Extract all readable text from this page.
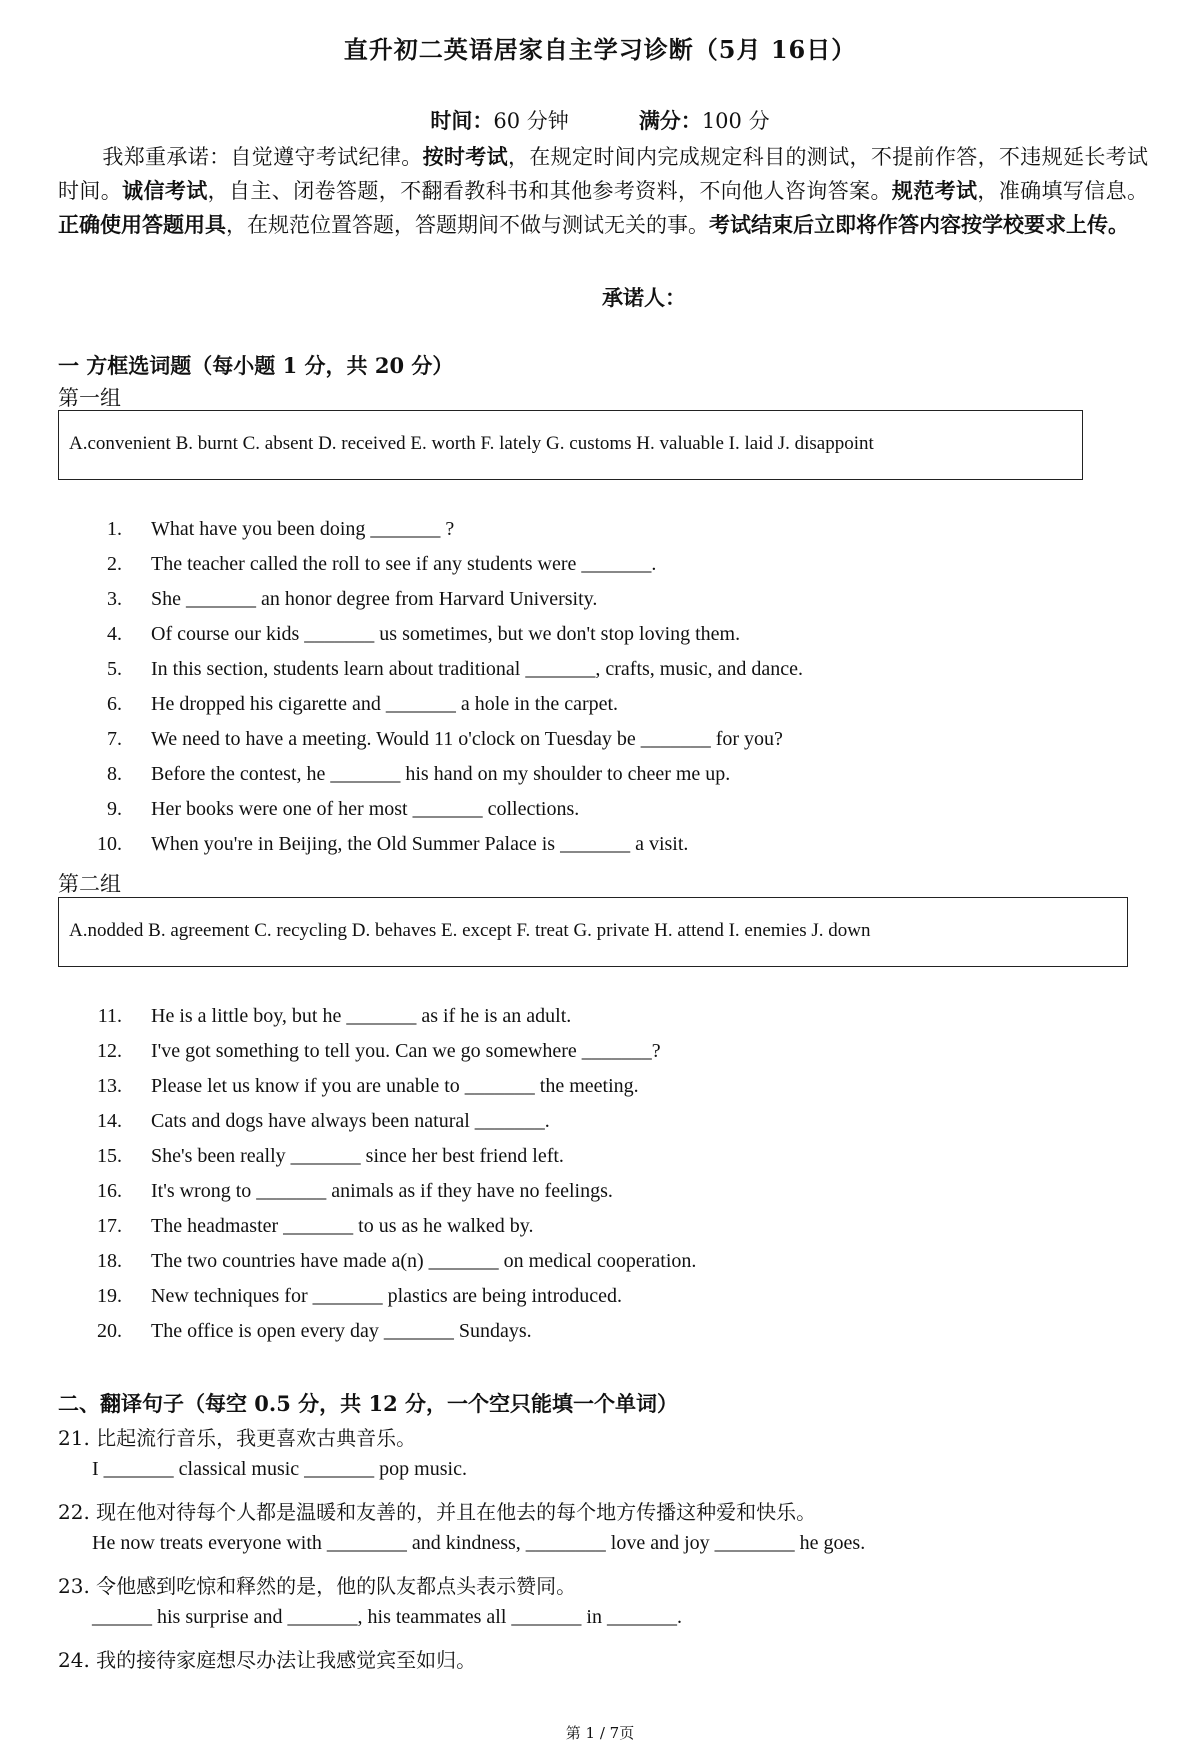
直升初二英语居家自主学习诊断（5月 16日）
时间：60 分钟	满分：100 分
我郑重承诺：自觉遵守考试纪律。按时考试，在规定时间内完成规定科目的测试，不提前作答，不违规延长考试时间。诚信考试，自主、闭卷答题，不翻看教科书和其他参考资料，不向他人咨询答案。规范考试，准确填写信息。正确使用答题用具，在规范位置答题，答题期间不做与测试无关的事。考试结束后立即将作答内容按学校要求上传。
承诺人：
一 方框选词题（每小题 1 分，共 20 分）
第一组
A.convenient B. burnt C. absent D. received E. worth F. lately G. customs H. valuable I. laid J. disappoint
1. What have you been doing _______ ?
2. The teacher called the roll to see if any students were _______.
3. She _______ an honor degree from Harvard University.
4. Of course our kids _______ us sometimes, but we don't stop loving them.
5. In this section, students learn about traditional _______, crafts, music, and dance.
6. He dropped his cigarette and _______ a hole in the carpet.
7. We need to have a meeting. Would 11 o'clock on Tuesday be _______ for you?
8. Before the contest, he _______ his hand on my shoulder to cheer me up.
9. Her books were one of her most _______ collections.
10. When you're in Beijing, the Old Summer Palace is _______ a visit.
第二组
A.nodded B. agreement C. recycling D. behaves E. except F. treat G. private H. attend I. enemies J. down
11. He is a little boy, but he _______ as if he is an adult.
12. I've got something to tell you. Can we go somewhere _______?
13. Please let us know if you are unable to _______ the meeting.
14. Cats and dogs have always been natural _______.
15. She's been really _______ since her best friend left.
16. It's wrong to _______ animals as if they have no feelings.
17. The headmaster _______ to us as he walked by.
18. The two countries have made a(n) _______ on medical cooperation.
19. New techniques for _______ plastics are being introduced.
20. The office is open every day _______ Sundays.
二、翻译句子（每空 0.5 分，共 12 分，一个空只能填一个单词）
21. 比起流行音乐，我更喜欢古典音乐。
I _______ classical music _______ pop music.
22. 现在他对待每个人都是温暖和友善的，并且在他去的每个地方传播这种爱和快乐。
He now treats everyone with ________ and kindness, ________ love and joy ________ he goes.
23. 令他感到吃惊和释然的是，他的队友都点头表示赞同。
______ his surprise and _______, his teammates all _______ in _______.
24. 我的接待家庭想尽办法让我感觉宾至如归。
第 1 / 7页
